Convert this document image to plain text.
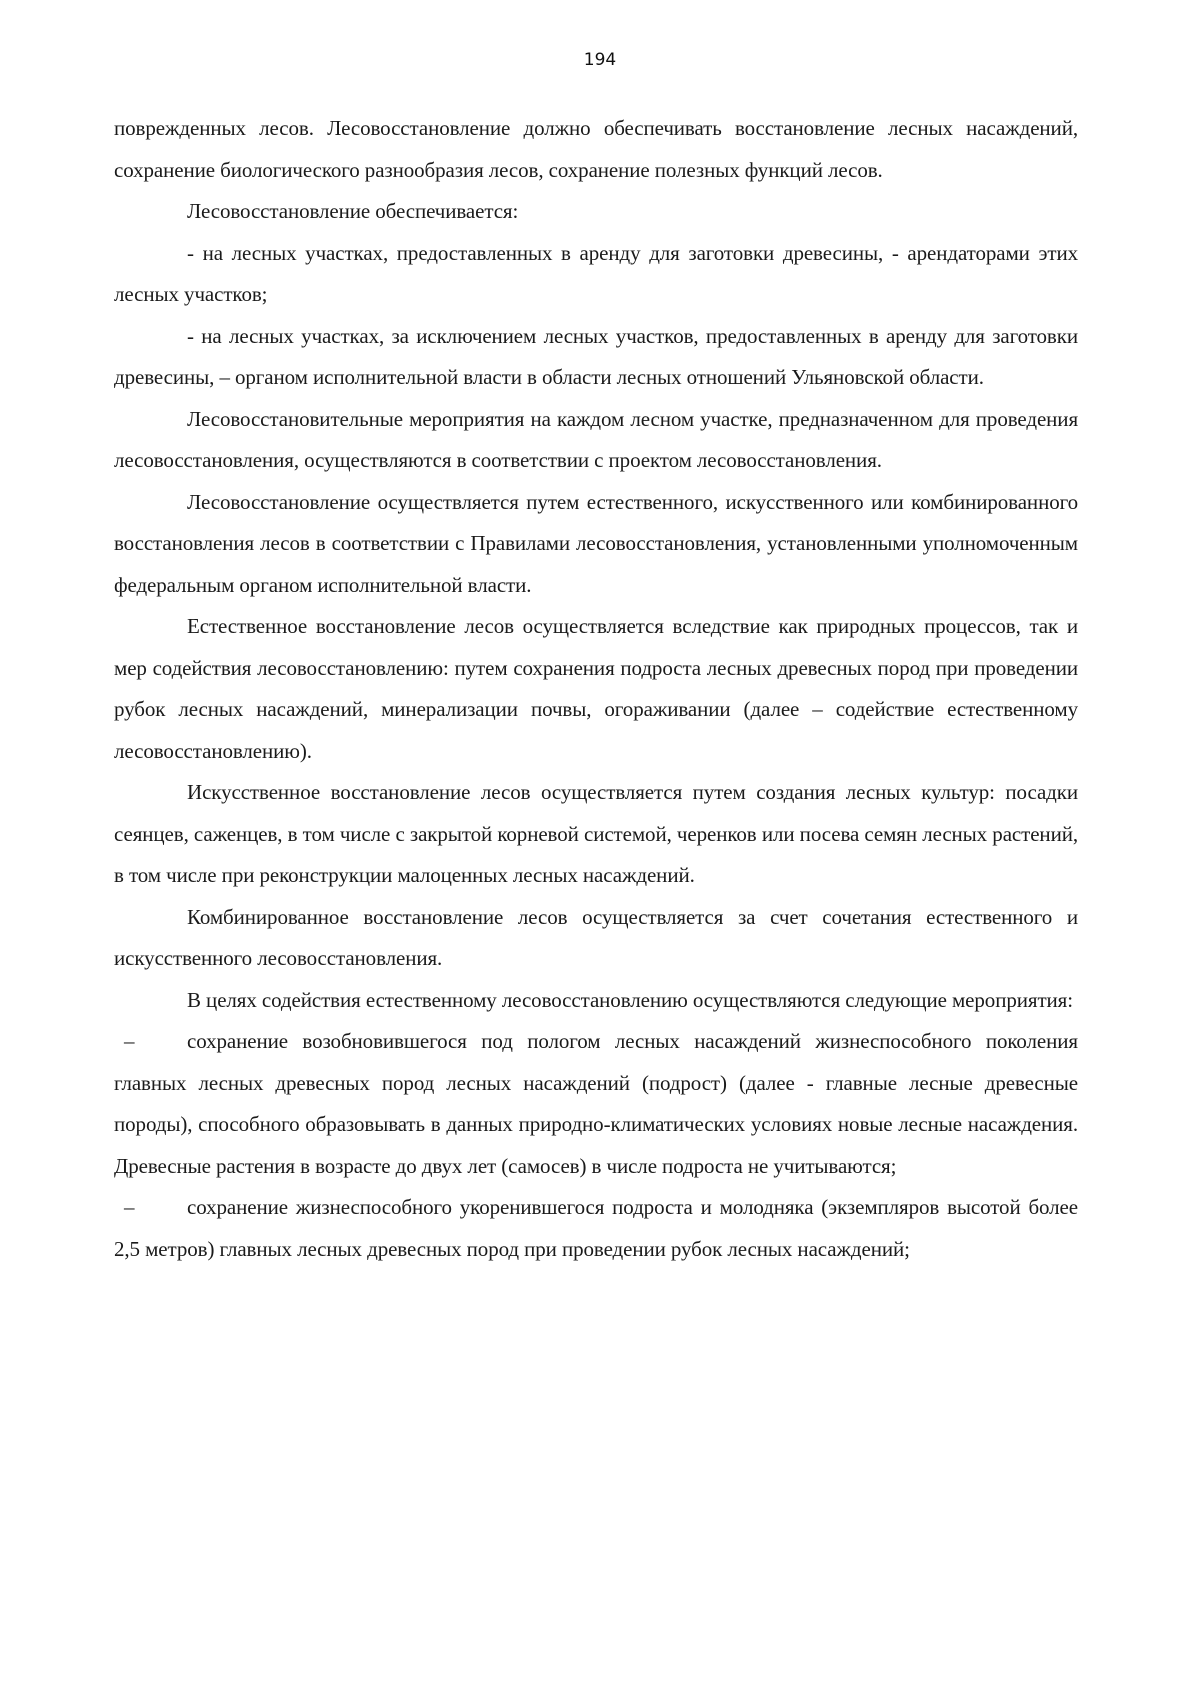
194

поврежденных лесов. Лесовосстановление должно обеспечивать восстановление лесных насаждений, сохранение биологического разнообразия лесов, сохранение полезных функций лесов.

Лесовосстановление обеспечивается:

- на лесных участках, предоставленных в аренду для заготовки древесины, - арендаторами этих лесных участков;

- на лесных участках, за исключением лесных участков, предоставленных в аренду для заготовки древесины, – органом исполнительной власти в области лесных отношений Ульяновской области.

Лесовосстановительные мероприятия на каждом лесном участке, предназначенном для проведения лесовосстановления, осуществляются в соответствии с проектом лесовосстановления.

Лесовосстановление осуществляется путем естественного, искусственного или комбинированного восстановления лесов в соответствии с Правилами лесовосстановления, установленными уполномоченным федеральным органом исполнительной власти.

Естественное восстановление лесов осуществляется вследствие как природных процессов, так и мер содействия лесовосстановлению: путем сохранения подроста лесных древесных пород при проведении рубок лесных насаждений, минерализации почвы, огораживании (далее – содействие естественному лесовосстановлению).

Искусственное восстановление лесов осуществляется путем создания лесных культур: посадки сеянцев, саженцев, в том числе с закрытой корневой системой, черенков или посева семян лесных растений, в том числе при реконструкции малоценных лесных насаждений.

Комбинированное восстановление лесов осуществляется за счет сочетания естественного и искусственного лесовосстановления.

В целях содействия естественному лесовосстановлению осуществляются следующие мероприятия:

–	сохранение возобновившегося под пологом лесных насаждений жизнеспособного поколения главных лесных древесных пород лесных насаждений (подрост) (далее - главные лесные древесные породы), способного образовывать в данных природно-климатических условиях новые лесные насаждения. Древесные растения в возрасте до двух лет (самосев) в числе подроста не учитываются;
–	сохранение жизнеспособного укоренившегося подроста и молодняка (экземпляров высотой более 2,5 метров) главных лесных древесных пород при проведении рубок лесных насаждений;
